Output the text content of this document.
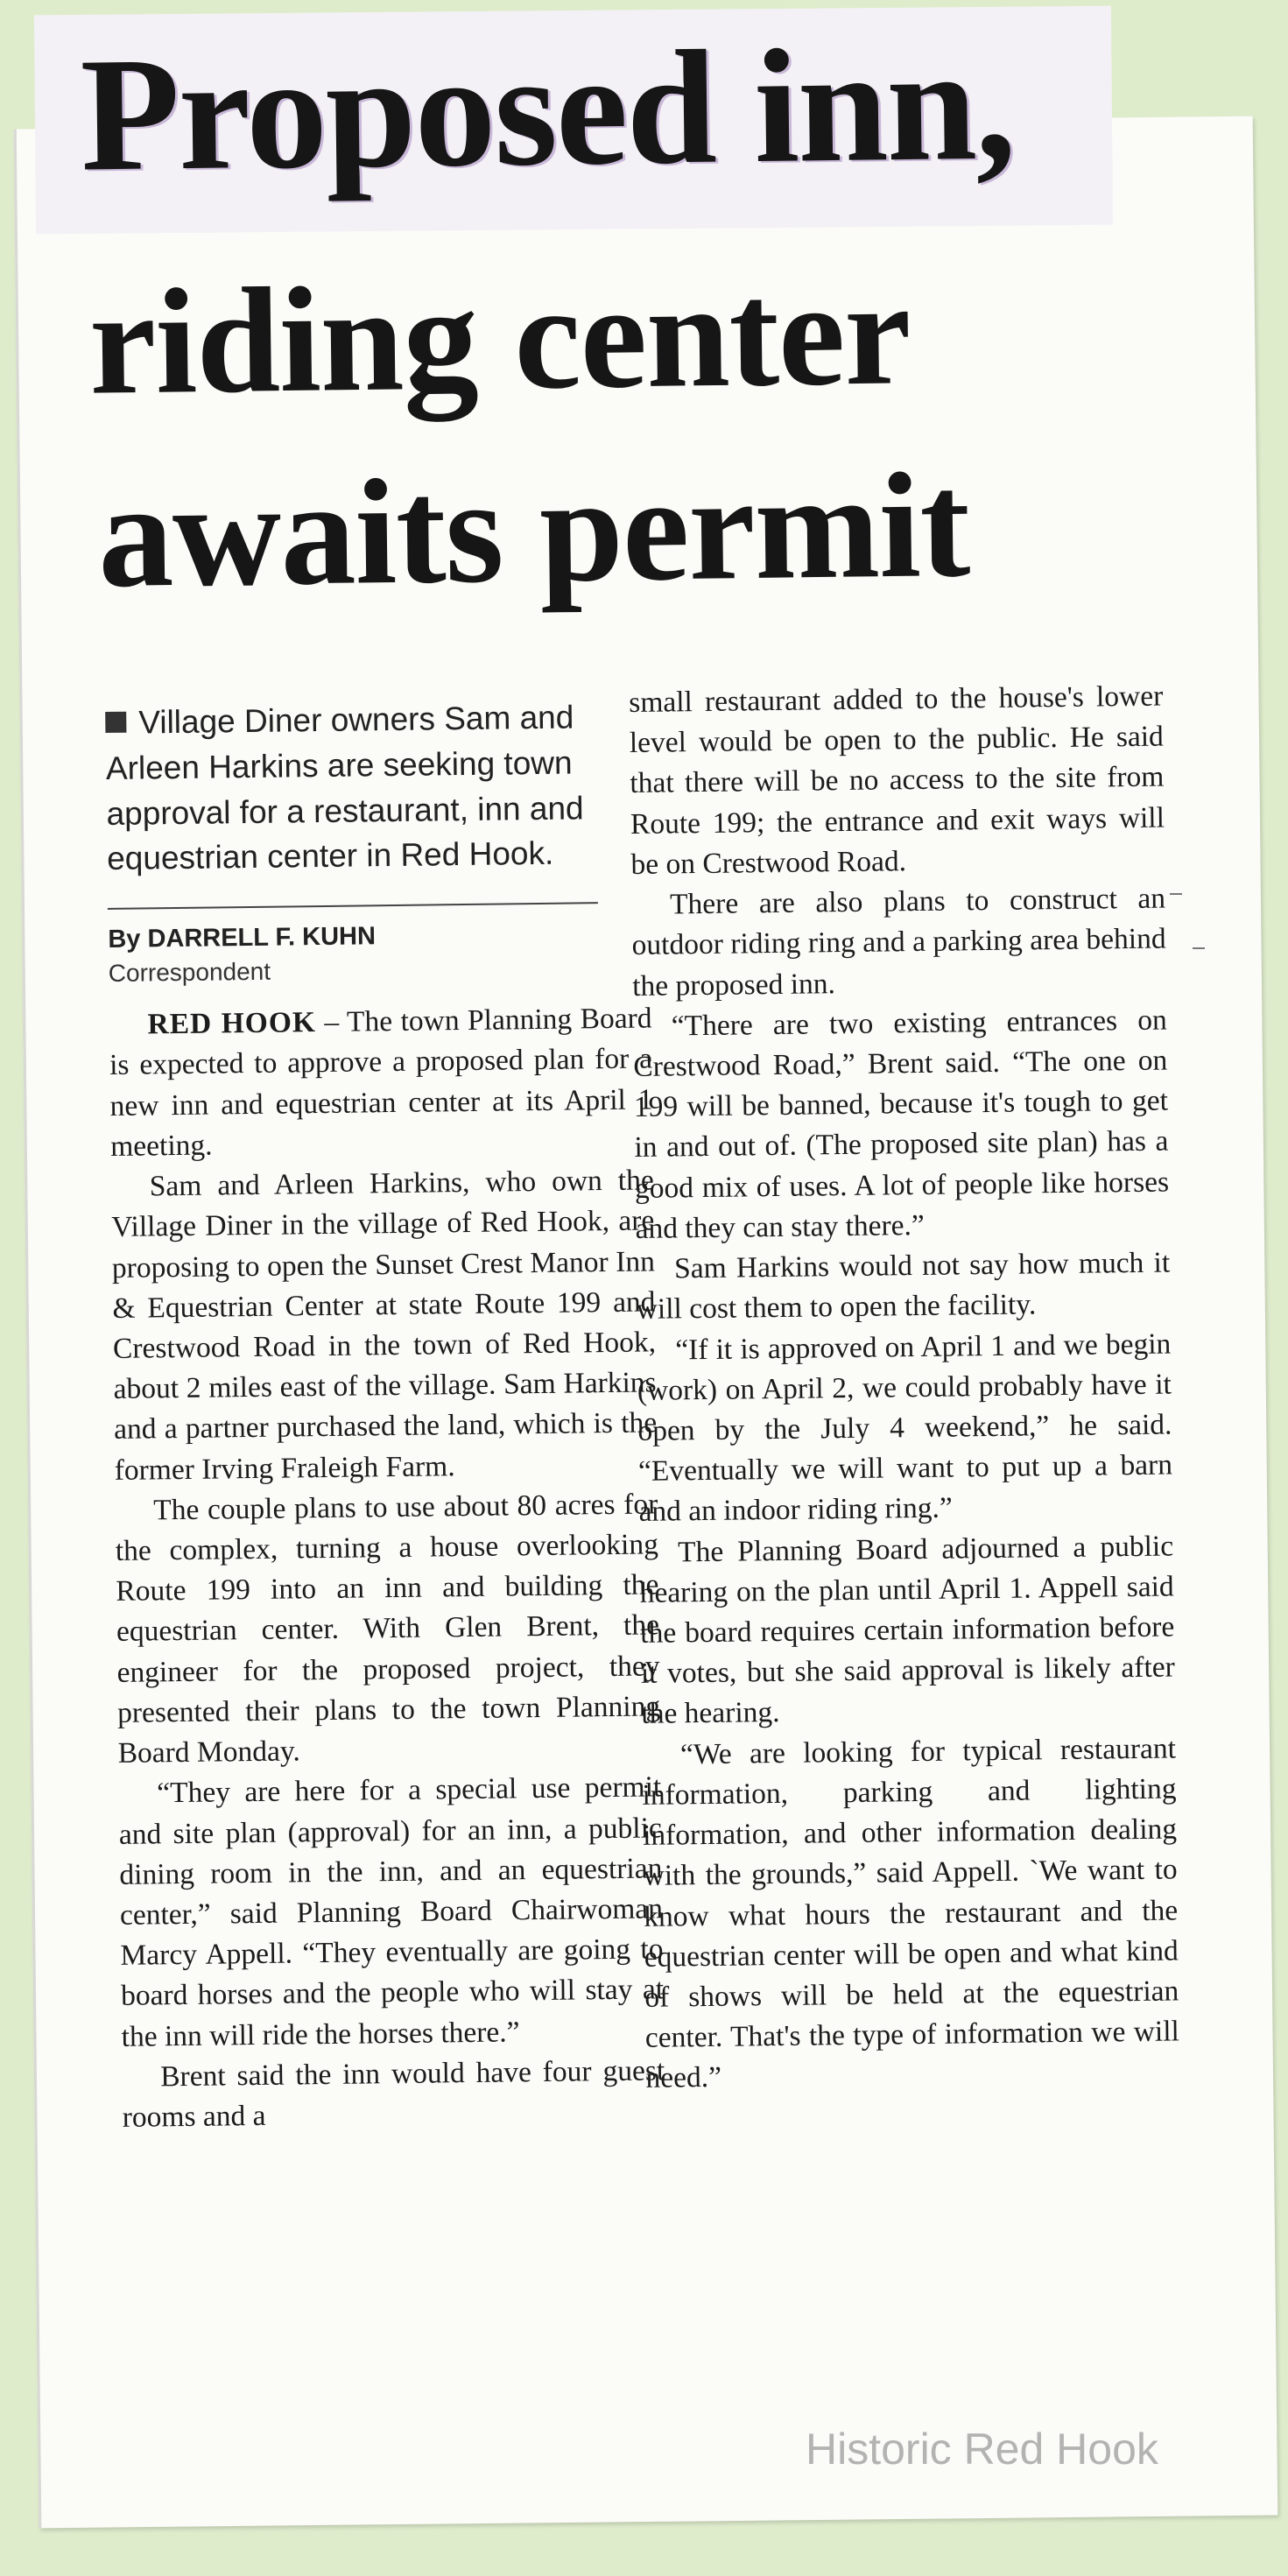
Proposed inn,
riding center
awaits permit

Village Diner owners Sam and Arleen Harkins are seeking town approval for a restaurant, inn and equestrian center in Red Hook.

By DARRELL F. KUHN

Correspondent

RED HOOK – The town Planning Board is expected to approve a proposed plan for a new inn and equestrian center at its April 1 meeting.

Sam and Arleen Harkins, who own the Village Diner in the village of Red Hook, are proposing to open the Sunset Crest Manor Inn & Equestrian Center at state Route 199 and Crestwood Road in the town of Red Hook, about 2 miles east of the village. Sam Harkins and a partner purchased the land, which is the former Irving Fraleigh Farm.

The couple plans to use about 80 acres for the complex, turning a house overlooking Route 199 into an inn and building the equestrian center. With Glen Brent, the engineer for the proposed project, they presented their plans to the town Planning Board Monday.

“They are here for a special use permit and site plan (approval) for an inn, a public dining room in the inn, and an equestrian center,” said Planning Board Chairwoman Marcy Appell. “They eventually are going to board horses and the people who will stay at the inn will ride the horses there.”

Brent said the inn would have four guest rooms and a

small restaurant added to the house's lower level would be open to the public. He said that there will be no access to the site from Route 199; the entrance and exit ways will be on Crestwood Road.

There are also plans to construct an outdoor riding ring and a parking area behind the proposed inn.

“There are two existing entrances on Crestwood Road,” Brent said. “The one on 199 will be banned, because it's tough to get in and out of. (The proposed site plan) has a good mix of uses. A lot of people like horses and they can stay there.”

Sam Harkins would not say how much it will cost them to open the facility.

“If it is approved on April 1 and we begin (work) on April 2, we could probably have it open by the July 4 weekend,” he said. “Eventually we will want to put up a barn and an indoor riding ring.”

The Planning Board adjourned a public hearing on the plan until April 1. Appell said the board requires certain information before it votes, but she said approval is likely after the hearing.

“We are looking for typical restaurant information, parking and lighting information, and other information dealing with the grounds,” said Appell. `We want to know what hours the restaurant and the equestrian center will be open and what kind of shows will be held at the equestrian center. That's the type of information we will need.”

Historic Red Hook
